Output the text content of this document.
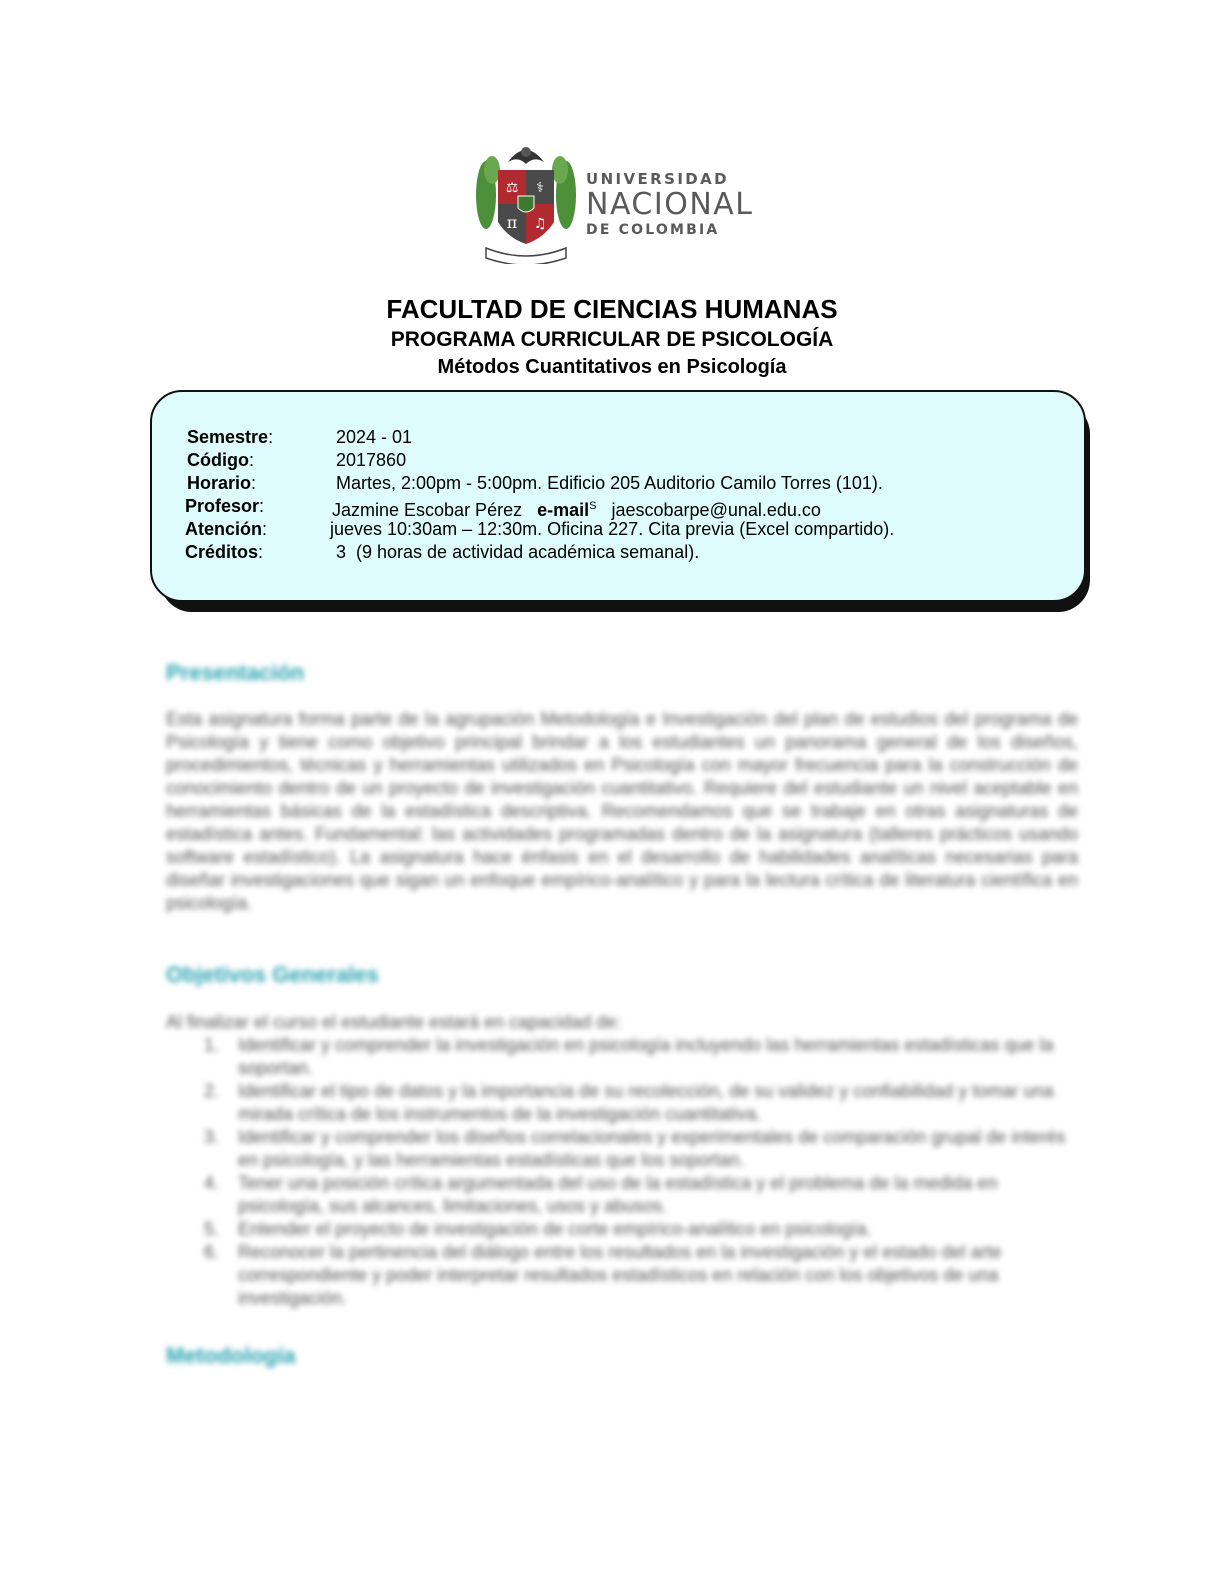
⚖ ⚕
π ♫
UNIVERSIDAD
NACIONAL
DE COLOMBIA
FACULTAD DE CIENCIAS HUMANAS
PROGRAMA CURRICULAR DE PSICOLOGÍA
Métodos Cuantitativos en Psicología
Semestre:	2024 - 01
Código:	2017860
Horario:	Martes, 2:00pm - 5:00pm. Edificio 205 Auditorio Camilo Torres (101).
Profesor:	Jazmine Escobar Pérez e-mail$^S$ jaescobarpe@unal.edu.co
Atención:	jueves 10:30am – 12:30m. Oficina 227. Cita previa (Excel compartido).
Créditos:	3  (9 horas de actividad académica semanal).
Presentación
Esta asignatura forma parte de la agrupación Metodología e Investigación del plan de estudios del programa de Psicología y tiene como objetivo principal brindar a los estudiantes un panorama general de los diseños, procedimientos, técnicas y herramientas utilizados en Psicología con mayor frecuencia para la construcción de conocimiento dentro de un proyecto de investigación cuantitativo. Requiere del estudiante un nivel aceptable en herramientas básicas de la estadística descriptiva. Recomendamos que se trabaje en otras asignaturas de estadística antes. Fundamental: las actividades programadas dentro de la asignatura (talleres prácticos usando software estadístico). La asignatura hace énfasis en el desarrollo de habilidades analíticas necesarias para diseñar investigaciones que sigan un enfoque empírico-analítico y para la lectura crítica de literatura científica en psicología.
Objetivos Generales
Al finalizar el curso el estudiante estará en capacidad de:
1. Identificar y comprender la investigación en psicología incluyendo las herramientas estadísticas que la soportan.
2. Identificar el tipo de datos y la importancia de su recolección, de su validez y confiabilidad y tomar una mirada crítica de los instrumentos de la investigación cuantitativa.
3. Identificar y comprender los diseños correlacionales y experimentales de comparación grupal de interés en psicología, y las herramientas estadísticas que los soportan.
4. Tener una posición crítica argumentada del uso de la estadística y el problema de la medida en psicología, sus alcances, limitaciones, usos y abusos.
5. Entender el proyecto de investigación de corte empírico-analítico en psicología.
6. Reconocer la pertinencia del diálogo entre los resultados en la investigación y el estado del arte correspondiente y poder interpretar resultados estadísticos en relación con los objetivos de una investigación.
Metodología
